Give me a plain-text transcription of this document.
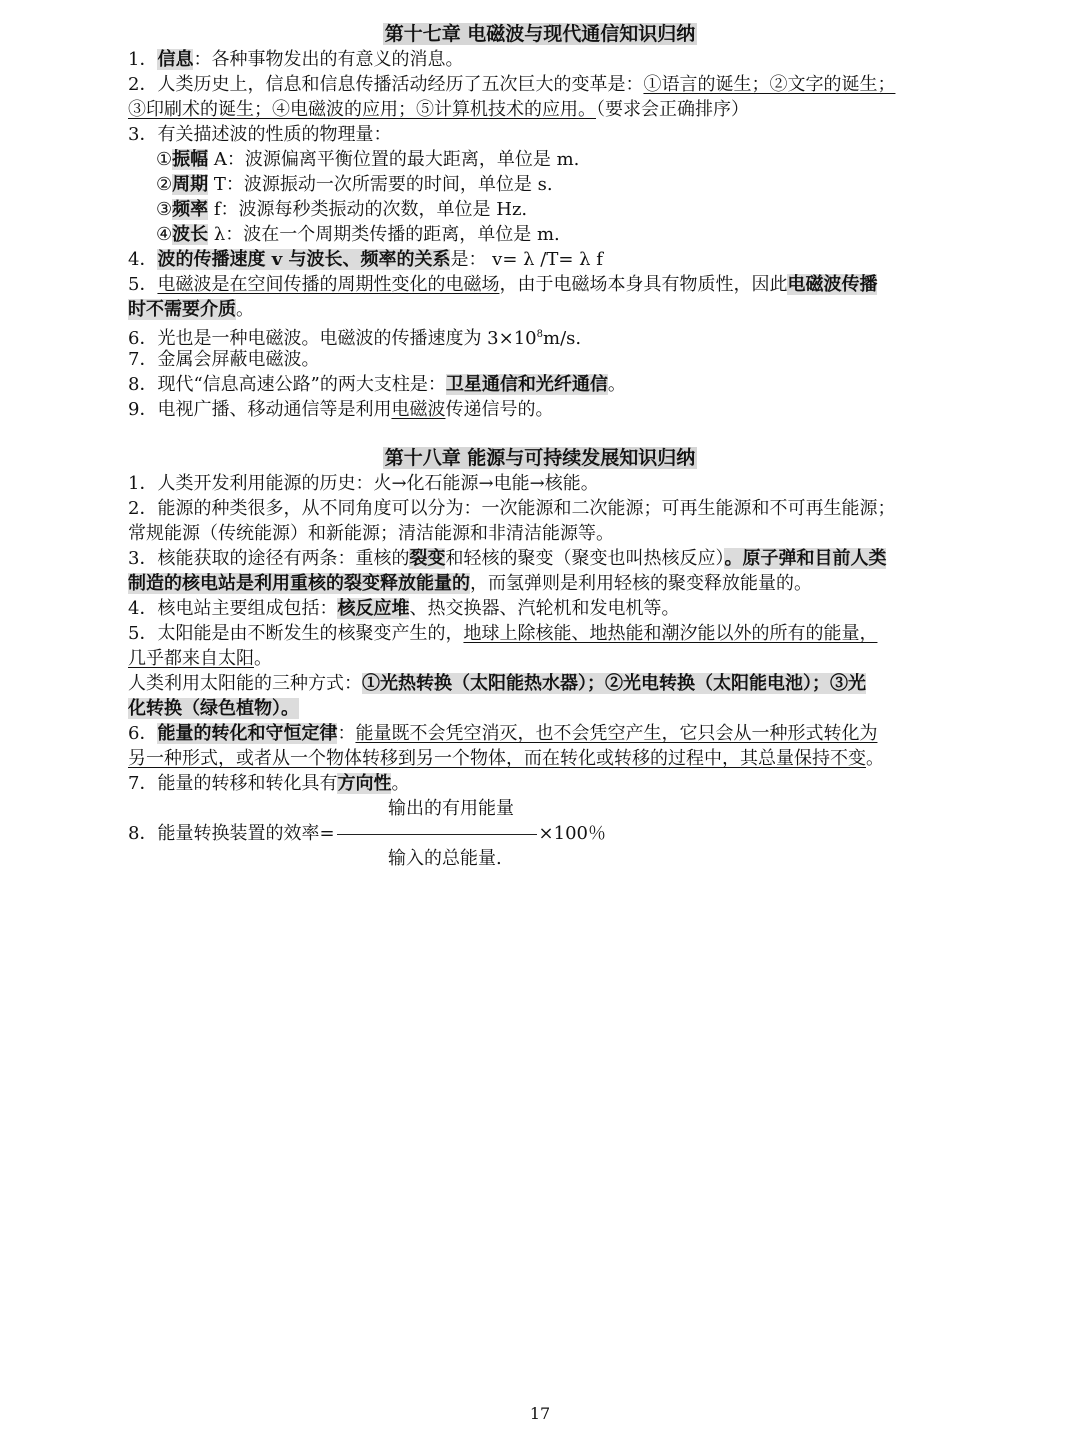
第十七章 电磁波与现代通信知识归纳
1．信息：各种事物发出的有意义的消息。
2．人类历史上，信息和信息传播活动经历了五次巨大的变革是：①语言的诞生；②文字的诞生；
③印刷术的诞生；④电磁波的应用；⑤计算机技术的应用。（要求会正确排序）
3．有关描述波的性质的物理量：
①振幅 A：波源偏离平衡位置的最大距离，单位是 m.
②周期 T：波源振动一次所需要的时间，单位是 s.
③频率 f：波源每秒类振动的次数，单位是 Hz.
④波长 λ：波在一个周期类传播的距离，单位是 m.
4．波的传播速度 v 与波长、频率的关系是： v= λ /T= λ f
5．电磁波是在空间传播的周期性变化的电磁场，由于电磁场本身具有物质性，因此电磁波传播
时不需要介质。
6．光也是一种电磁波。电磁波的传播速度为 $3\times 10^8m/s$.
7．金属会屏蔽电磁波。
8．现代“信息高速公路”的两大支柱是：卫星通信和光纤通信。
9．电视广播、移动通信等是利用电磁波传递信号的。
第十八章 能源与可持续发展知识归纳
1．人类开发利用能源的历史：火→化石能源→电能→核能。
2．能源的种类很多，从不同角度可以分为：一次能源和二次能源；可再生能源和不可再生能源；
常规能源（传统能源）和新能源；清洁能源和非清洁能源等。
3．核能获取的途径有两条：重核的裂变和轻核的聚变（聚变也叫热核反应）。原子弹和目前人类
制造的核电站是利用重核的裂变释放能量的，而氢弹则是利用轻核的聚变释放能量的。
4．核电站主要组成包括：核反应堆、热交换器、汽轮机和发电机等。
5．太阳能是由不断发生的核聚变产生的，地球上除核能、地热能和潮汐能以外的所有的能量，
几乎都来自太阳。
人类利用太阳能的三种方式：①光热转换（太阳能热水器）；②光电转换（太阳能电池）；③光
化转换（绿色植物）。
6．能量的转化和守恒定律：能量既不会凭空消灭，也不会凭空产生，它只会从一种形式转化为
另一种形式，或者从一个物体转移到另一个物体，而在转化或转移的过程中，其总量保持不变。
7．能量的转移和转化具有方向性。
输出的有用能量
8．能量转换装置的效率=	×100％
输入的总能量.
17
